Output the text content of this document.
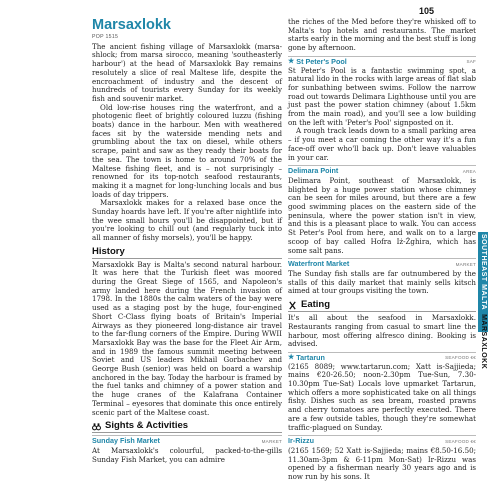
105
Marsaxlokk
POP 1515

The ancient fishing village of Marsaxlokk (marsa-shlock; from marsa sirocco, meaning 'southeasterly harbour') at the head of Marsaxlokk Bay remains resolutely a slice of real Maltese life, despite the encroachment of industry and the descent of hundreds of tourists every Sunday for its weekly fish and souvenir market.

Old low-rise houses ring the waterfront, and a photogenic fleet of brightly coloured luzzu (fishing boats) dance in the harbour. Men with weathered faces sit by the waterside mending nets and grumbling about the tax on diesel, while others scrape, paint and saw as they ready their boats for the sea. The town is home to around 70% of the Maltese fishing fleet, and is – not surprisingly – renowned for its top-notch seafood restaurants, making it a magnet for long-lunching locals and bus loads of day trippers.

Marsaxlokk makes for a relaxed base once the Sunday hoards have left. If you're after nightlife into the wee small hours you'll be disappointed, but if you're looking to chill out (and regularly tuck into all manner of fishy morsels), you'll be happy.

History

Marsaxlokk Bay is Malta's second natural harbour. It was here that the Turkish fleet was moored during the Great Siege of 1565, and Napoleon's army landed here during the French invasion of 1798. In the 1880s the calm waters of the bay were used as a staging post by the huge, four-engined Short C-Class flying boats of Britain's Imperial Airways as they pioneered long-distance air travel to the far-flung corners of the Empire. During WWII Marsaxlokk Bay was the base for the Fleet Air Arm, and in 1989 the famous summit meeting between Soviet and US leaders Mikhail Gorbachev and George Bush (senior) was held on board a warship anchored in the bay. Today the harbour is framed by the fuel tanks and chimney of a power station and the huge cranes of the Kalafrana Container Terminal – eyesores that dominate this once entirely scenic part of the Maltese coast.

Sights & Activities
Sunday Fish Market	MARKET

At Marsaxlokk's colourful, packed-to-the-gills Sunday Fish Market, you can admire

the riches of the Med before they're whisked off to Malta's top hotels and restaurants. The market starts early in the morning and the best stuff is long gone by afternoon.

★ St Peter's Pool	SAF

St Peter's Pool is a fantastic swimming spot, a natural lido in the rocks with large areas of flat slab for sunbathing between swims. Follow the narrow road out towards Delimara Lighthouse until you are just past the power station chimney (about 1.5km from the main road), and you'll see a low building on the left with 'Peter's Pool' signposted on it.

A rough track leads down to a small parking area – if you meet a car coming the other way it's a fun face-off over who'll back up. Don't leave valuables in your car.

Delimara Point	AREA

Delimara Point, southeast of Marsaxlokk, is blighted by a huge power station whose chimney can be seen for miles around, but there are a few good swimming places on the eastern side of the peninsula, where the power station isn't in view, and this is a pleasant place to walk. You can access St Peter's Pool from here, and walk on to a large scoop of bay called Hofra Iż-Żghira, which has some salt pans.

Waterfront Market	MARKET

The Sunday fish stalls are far outnumbered by the stalls of this daily market that mainly sells kitsch aimed at tour groups visiting the town.

Eating

It's all about the seafood in Marsaxlokk. Restaurants ranging from casual to smart line the harbour, most offering alfresco dining. Booking is advised.

★ Tartarun	SEAFOOD €€

(2165 8089; www.tartarun.com; Xatt is-Sajjieda; mains €20-26.50; noon-2.30pm Tue-Sun, 7.30-10.30pm Tue-Sat) Locals love upmarket Tartarun, which offers a more sophisticated take on all things fishy. Dishes such as sea bream, roasted prawns and cherry tomatoes are perfectly executed. There are a few outside tables, though they're somewhat traffic-plagued on Sunday.

Ir-Rizzu	SEAFOOD €€

(2165 1569; 52 Xatt is-Sajjieda; mains €8.50-16.50; 11.30am-3pm & 6-11pm Mon-Sat) Ir-Rizzu was opened by a fisherman nearly 30 years ago and is now run by his sons. It

SOUTHEAST MALTAMARSAXLOKK
